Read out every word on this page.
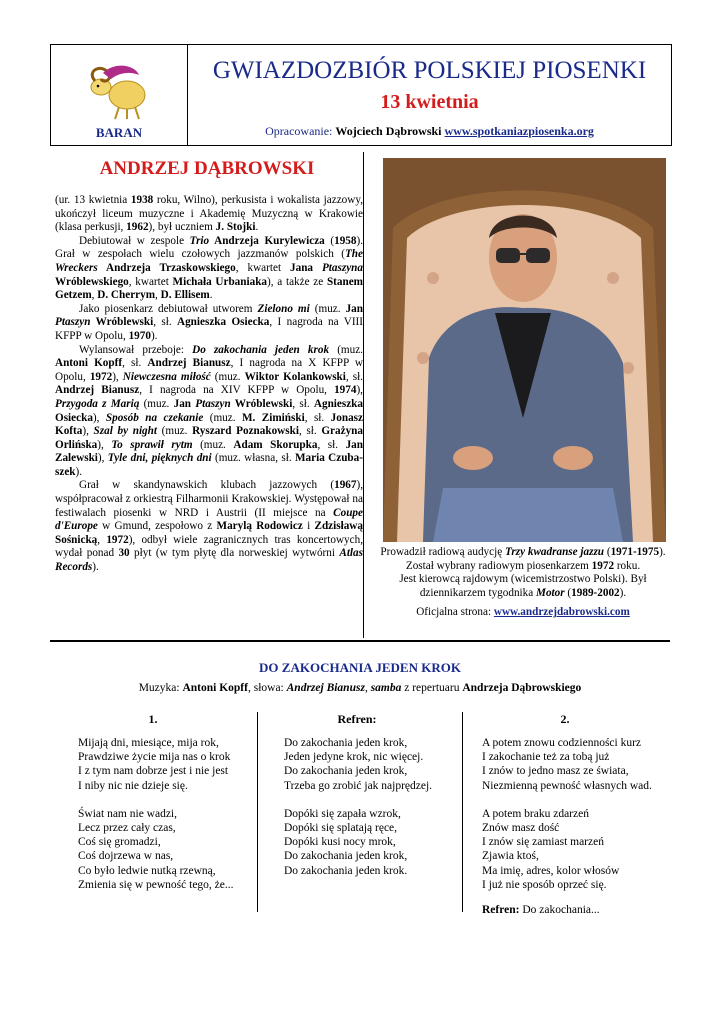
BARAN
GWIAZDOZBIÓR POLSKIEJ PIOSENKI
13 kwietnia
Opracowanie: Wojciech Dąbrowski www.spotkaniazpiosenka.org
ANDRZEJ DĄBROWSKI

(ur. 13 kwietnia 1938 roku, Wilno), perkusista i wokalista jazzowy, ukończył liceum muzyczne i Akademię Muzyczną w Krakowie (klasa perkusji, 1962), był uczniem J. Stojki.

Debiutował w zespole Trio Andrzeja Kurylewicza (1958). Grał w zespołach wielu czołowych jazzmanów polskich (The Wreckers Andrzeja Trzaskowskiego, kwartet Jana Ptaszyna Wróblewskiego, kwartet Michała Urbaniaka), a także ze Stanem Getzem, D. Cherrym, D. Ellisem.

Jako piosenkarz debiutował utworem Zielono mi (muz. Jan Ptaszyn Wróblewski, sł. Agnieszka Osiecka, I nagroda na VIII KFPP w Opolu, 1970).

Wylansował przeboje: Do zakochania jeden krok (muz. Antoni Kopff, sł. Andrzej Bianusz, I nagroda na X KFPP w Opolu, 1972), Niewczesna miłość (muz. Wiktor Kolankowski, sł. Andrzej Bianusz, I nagroda na XIV KFPP w Opolu, 1974), Przygoda z Marią (muz. Jan Ptaszyn Wróblewski, sł. Agnieszka Osiecka), Sposób na czekanie (muz. M. Zimiński, sł. Jonasz Kofta), Szal by night (muz. Ryszard Poznakowski, sł. Grażyna Orlińska), To sprawił rytm (muz. Adam Skorupka, sł. Jan Zalewski), Tyle dni, pięknych dni (muz. własna, sł. Maria Czuba-szek).

Grał w skandynawskich klubach jazzowych (1967), współpracował z orkiestrą Filharmonii Krakowskiej. Występował na festiwalach piosenki w NRD i Austrii (II miejsce na Coupe d'Europe w Gmund, zespołowo z Marylą Rodowicz i Zdzisławą Sośnicką, 1972), odbył wiele zagranicznych tras koncertowych, wydał ponad 30 płyt (w tym płytę dla norweskiej wytwórni Atlas Records).

Prowadził radiową audycję Trzy kwadranse jazzu (1971-1975). Został wybrany radiowym piosenkarzem 1972 roku.

Jest kierowcą rajdowym (wicemistrzostwo Polski). Był dziennikarzem tygodnika Motor (1989-2002).

Oficjalna strona: www.andrzejdabrowski.com

DO ZAKOCHANIA JEDEN KROK
Muzyka: Antoni Kopff, słowa: Andrzej Bianusz, samba z repertuaru Andrzeja Dąbrowskiego
1.	Refren:	2.
Mijają dni, miesiące, mija rok,
Prawdziwe życie mija nas o krok
I z tym nam dobrze jest i nie jest
I niby nic nie dzieje się.
Świat nam nie wadzi,
Lecz przez cały czas,
Coś się gromadzi,
Coś dojrzewa w nas,
Co było ledwie nutką rzewną,
Zmienia się w pewność tego, że...
Do zakochania jeden krok,
Jeden jedyne krok, nic więcej.
Do zakochania jeden krok,
Trzeba go zrobić jak najprędzej.
Dopóki się zapała wzrok,
Dopóki się splatają ręce,
Dopóki kusi nocy mrok,
Do zakochania jeden krok,
Do zakochania jeden krok.
A potem znowu codzienności kurz
I zakochanie też za tobą już
I znów to jedno masz ze świata,
Niezmienną pewność własnych wad.
A potem braku zdarzeń
Znów masz dość
I znów się zamiast marzeń
Zjawia ktoś,
Ma imię, adres, kolor włosów
I już nie sposób oprzeć się.
Refren: Do zakochania...
